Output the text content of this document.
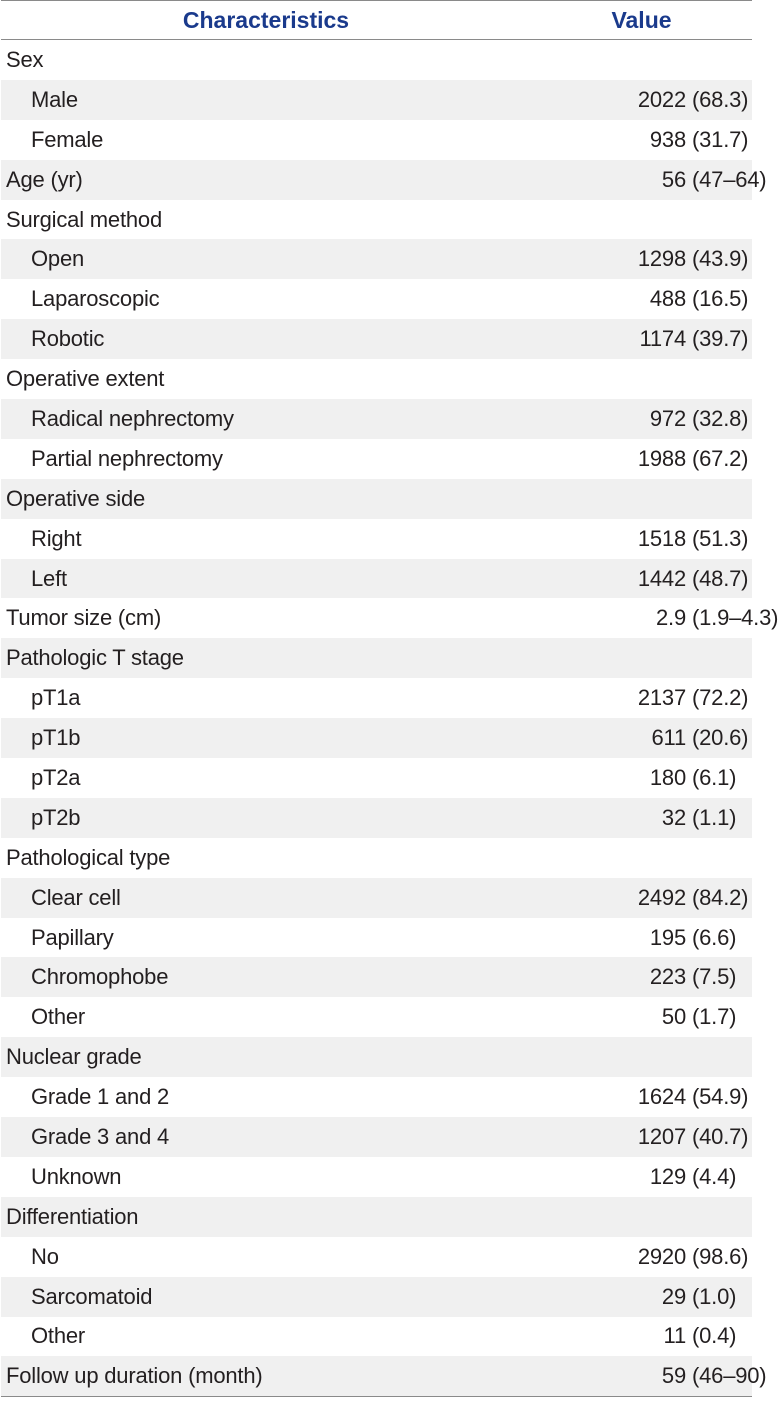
Characteristics	Value
Sex
Male	2022 (68.3)
Female	938 (31.7)
Age (yr)	56 (47–64)
Surgical method
Open	1298 (43.9)
Laparoscopic	488 (16.5)
Robotic	1174 (39.7)
Operative extent
Radical nephrectomy	972 (32.8)
Partial nephrectomy	1988 (67.2)
Operative side
Right	1518 (51.3)
Left	1442 (48.7)
Tumor size (cm)	2.9 (1.9–4.3)
Pathologic T stage
pT1a	2137 (72.2)
pT1b	611 (20.6)
pT2a	180 (6.1)
pT2b	32 (1.1)
Pathological type
Clear cell	2492 (84.2)
Papillary	195 (6.6)
Chromophobe	223 (7.5)
Other	50 (1.7)
Nuclear grade
Grade 1 and 2	1624 (54.9)
Grade 3 and 4	1207 (40.7)
Unknown	129 (4.4)
Differentiation
No	2920 (98.6)
Sarcomatoid	29 (1.0)
Other	11 (0.4)
Follow up duration (month)	59 (46–90)
